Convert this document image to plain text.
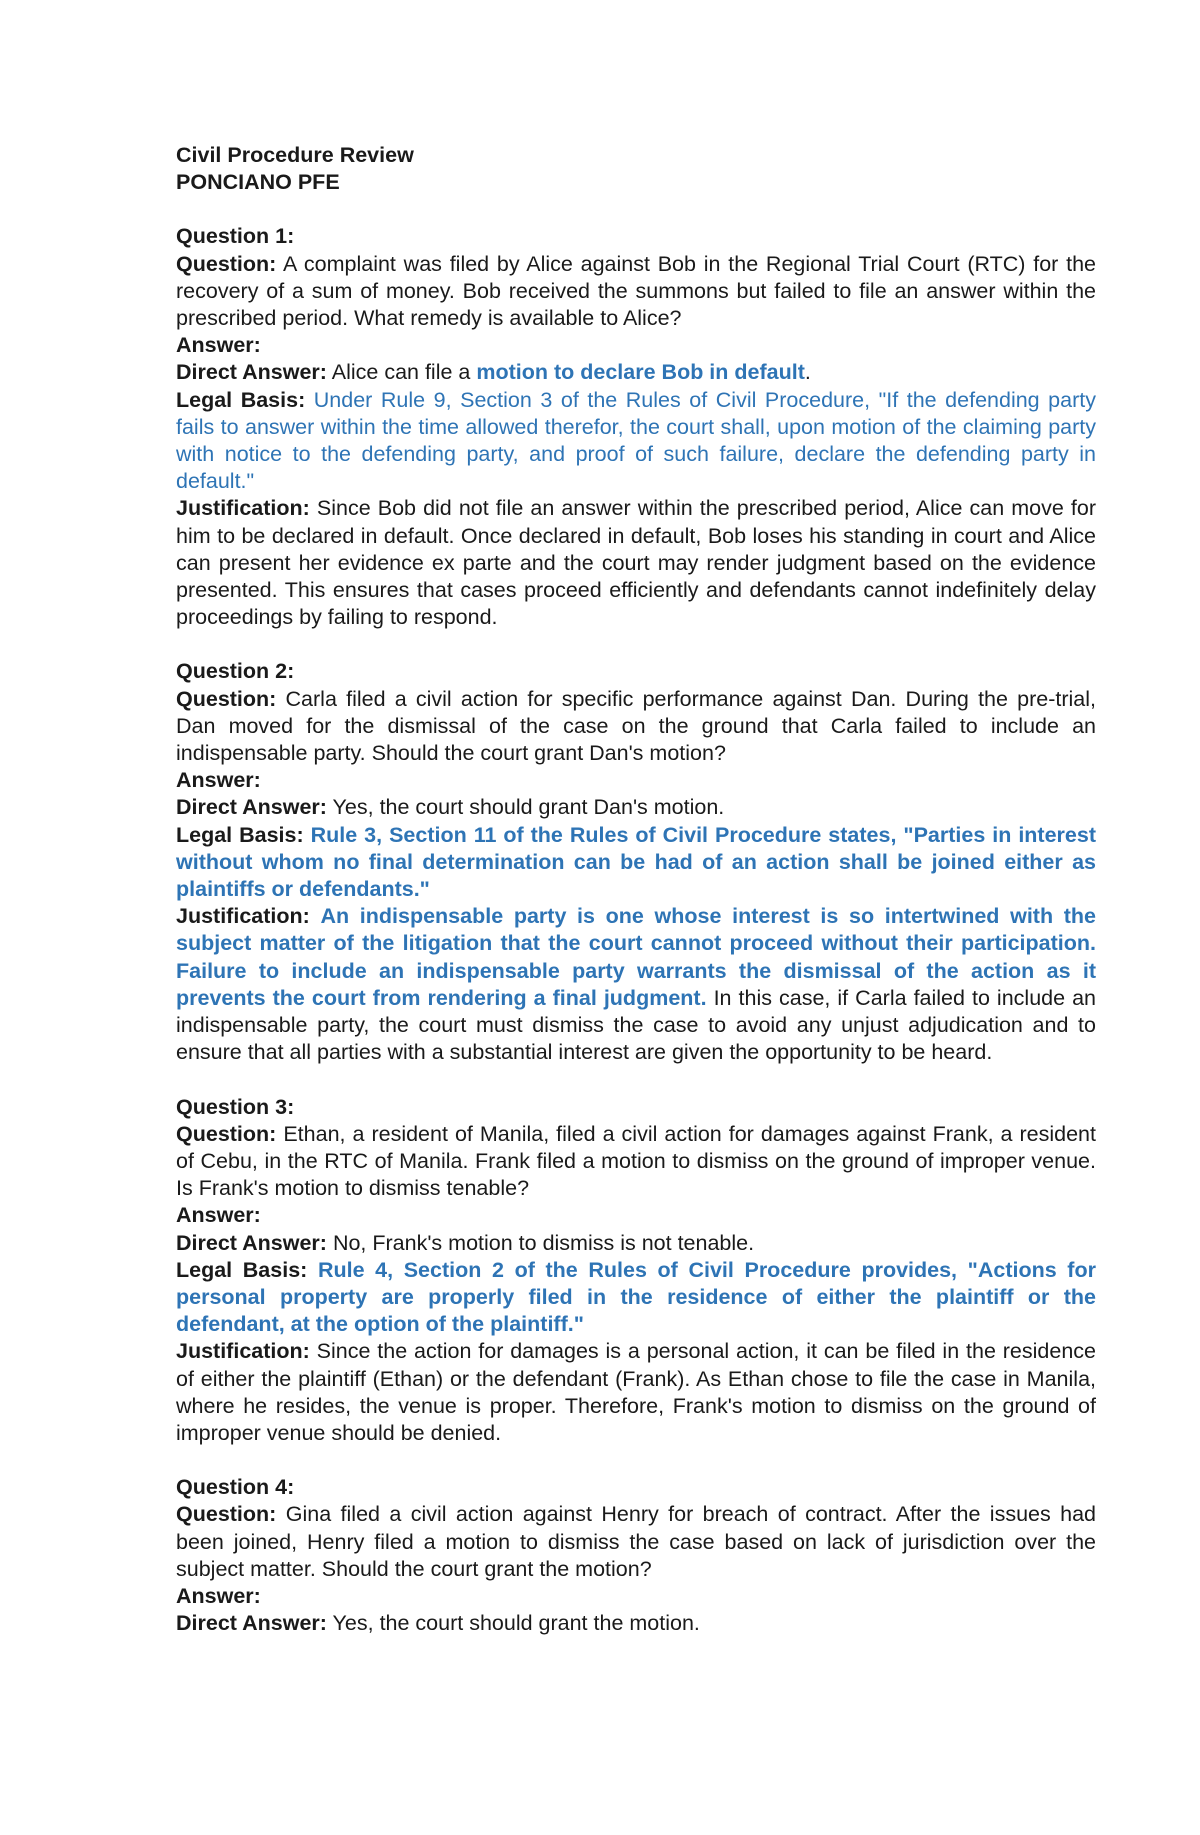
Civil Procedure Review

PONCIANO PFE

Question 1:

Question: A complaint was filed by Alice against Bob in the Regional Trial Court (RTC) for the recovery of a sum of money. Bob received the summons but failed to file an answer within the prescribed period. What remedy is available to Alice?

Answer:

Direct Answer: Alice can file a motion to declare Bob in default.

Legal Basis: Under Rule 9, Section 3 of the Rules of Civil Procedure, "If the defending party fails to answer within the time allowed therefor, the court shall, upon motion of the claiming party with notice to the defending party, and proof of such failure, declare the defending party in default."

Justification: Since Bob did not file an answer within the prescribed period, Alice can move for him to be declared in default. Once declared in default, Bob loses his standing in court and Alice can present her evidence ex parte and the court may render judgment based on the evidence presented. This ensures that cases proceed efficiently and defendants cannot indefinitely delay proceedings by failing to respond.

Question 2:

Question: Carla filed a civil action for specific performance against Dan. During the pre-trial, Dan moved for the dismissal of the case on the ground that Carla failed to include an indispensable party. Should the court grant Dan's motion?

Answer:

Direct Answer: Yes, the court should grant Dan's motion.

Legal Basis: Rule 3, Section 11 of the Rules of Civil Procedure states, "Parties in interest without whom no final determination can be had of an action shall be joined either as plaintiffs or defendants."

Justification: An indispensable party is one whose interest is so intertwined with the subject matter of the litigation that the court cannot proceed without their participation. Failure to include an indispensable party warrants the dismissal of the action as it prevents the court from rendering a final judgment. In this case, if Carla failed to include an indispensable party, the court must dismiss the case to avoid any unjust adjudication and to ensure that all parties with a substantial interest are given the opportunity to be heard.

Question 3:

Question: Ethan, a resident of Manila, filed a civil action for damages against Frank, a resident of Cebu, in the RTC of Manila. Frank filed a motion to dismiss on the ground of improper venue. Is Frank's motion to dismiss tenable?

Answer:

Direct Answer: No, Frank's motion to dismiss is not tenable.

Legal Basis: Rule 4, Section 2 of the Rules of Civil Procedure provides, "Actions for personal property are properly filed in the residence of either the plaintiff or the defendant, at the option of the plaintiff."

Justification: Since the action for damages is a personal action, it can be filed in the residence of either the plaintiff (Ethan) or the defendant (Frank). As Ethan chose to file the case in Manila, where he resides, the venue is proper. Therefore, Frank's motion to dismiss on the ground of improper venue should be denied.

Question 4:

Question: Gina filed a civil action against Henry for breach of contract. After the issues had been joined, Henry filed a motion to dismiss the case based on lack of jurisdiction over the subject matter. Should the court grant the motion?

Answer:

Direct Answer: Yes, the court should grant the motion.
